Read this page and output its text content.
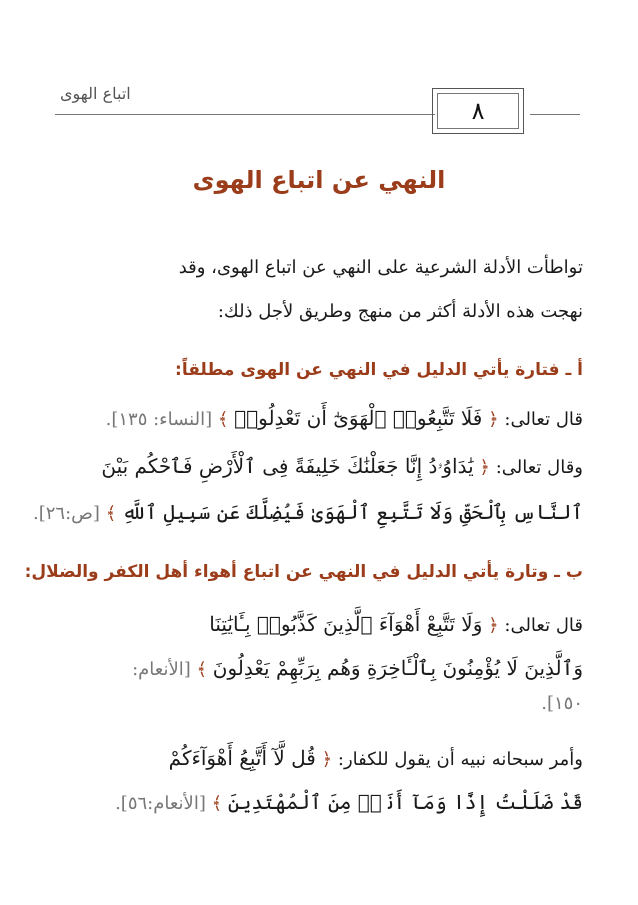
اتباع الهوى
٨
النهي عن اتباع الهوى
تواطأت الأدلة الشرعية على النهي عن اتباع الهوى، وقد
نهجت هذه الأدلة أكثر من منهج وطريق لأجل ذلك:
أ ـ فتارة يأتي الدليل في النهي عن الهوى مطلقاً:
قال تعالى: ﴿ فَلَا تَتَّبِعُوا۟ ٱلْهَوَىٰٓ أَن تَعْدِلُوا۟ ﴾ [النساء: ١٣٥].
وقال تعالى: ﴿ يَٰدَاوُۥدُ إِنَّا جَعَلْنَٰكَ خَلِيفَةً فِى ٱلْأَرْضِ فَٱحْكُم بَيْنَ
ٱلنَّاسِ بِٱلْحَقِّ وَلَا تَتَّبِعِ ٱلْهَوَىٰ فَيُضِلَّكَ عَن سَبِيلِ ٱللَّهِ ﴾ [ص:٢٦].
ب ـ وتارة يأتي الدليل في النهي عن اتباع أهواء أهل الكفر والضلال:
قال تعالى: ﴿ وَلَا تَتَّبِعْ أَهْوَآءَ ٱلَّذِينَ كَذَّبُوا۟ بِـَٔايَٰتِنَا
وَٱلَّذِينَ لَا يُؤْمِنُونَ بِٱلْـَٔاخِرَةِ وَهُم بِرَبِّهِمْ يَعْدِلُونَ ﴾ [الأنعام:
١٥٠].
وأمر سبحانه نبيه أن يقول للكفار: ﴿ قُل لَّآ أَتَّبِعُ أَهْوَآءَكُمْ
قَدْ ضَلَلْتُ إِذًا وَمَآ أَنَا۠ مِنَ ٱلْمُهْتَدِينَ ﴾ [الأنعام:٥٦].
